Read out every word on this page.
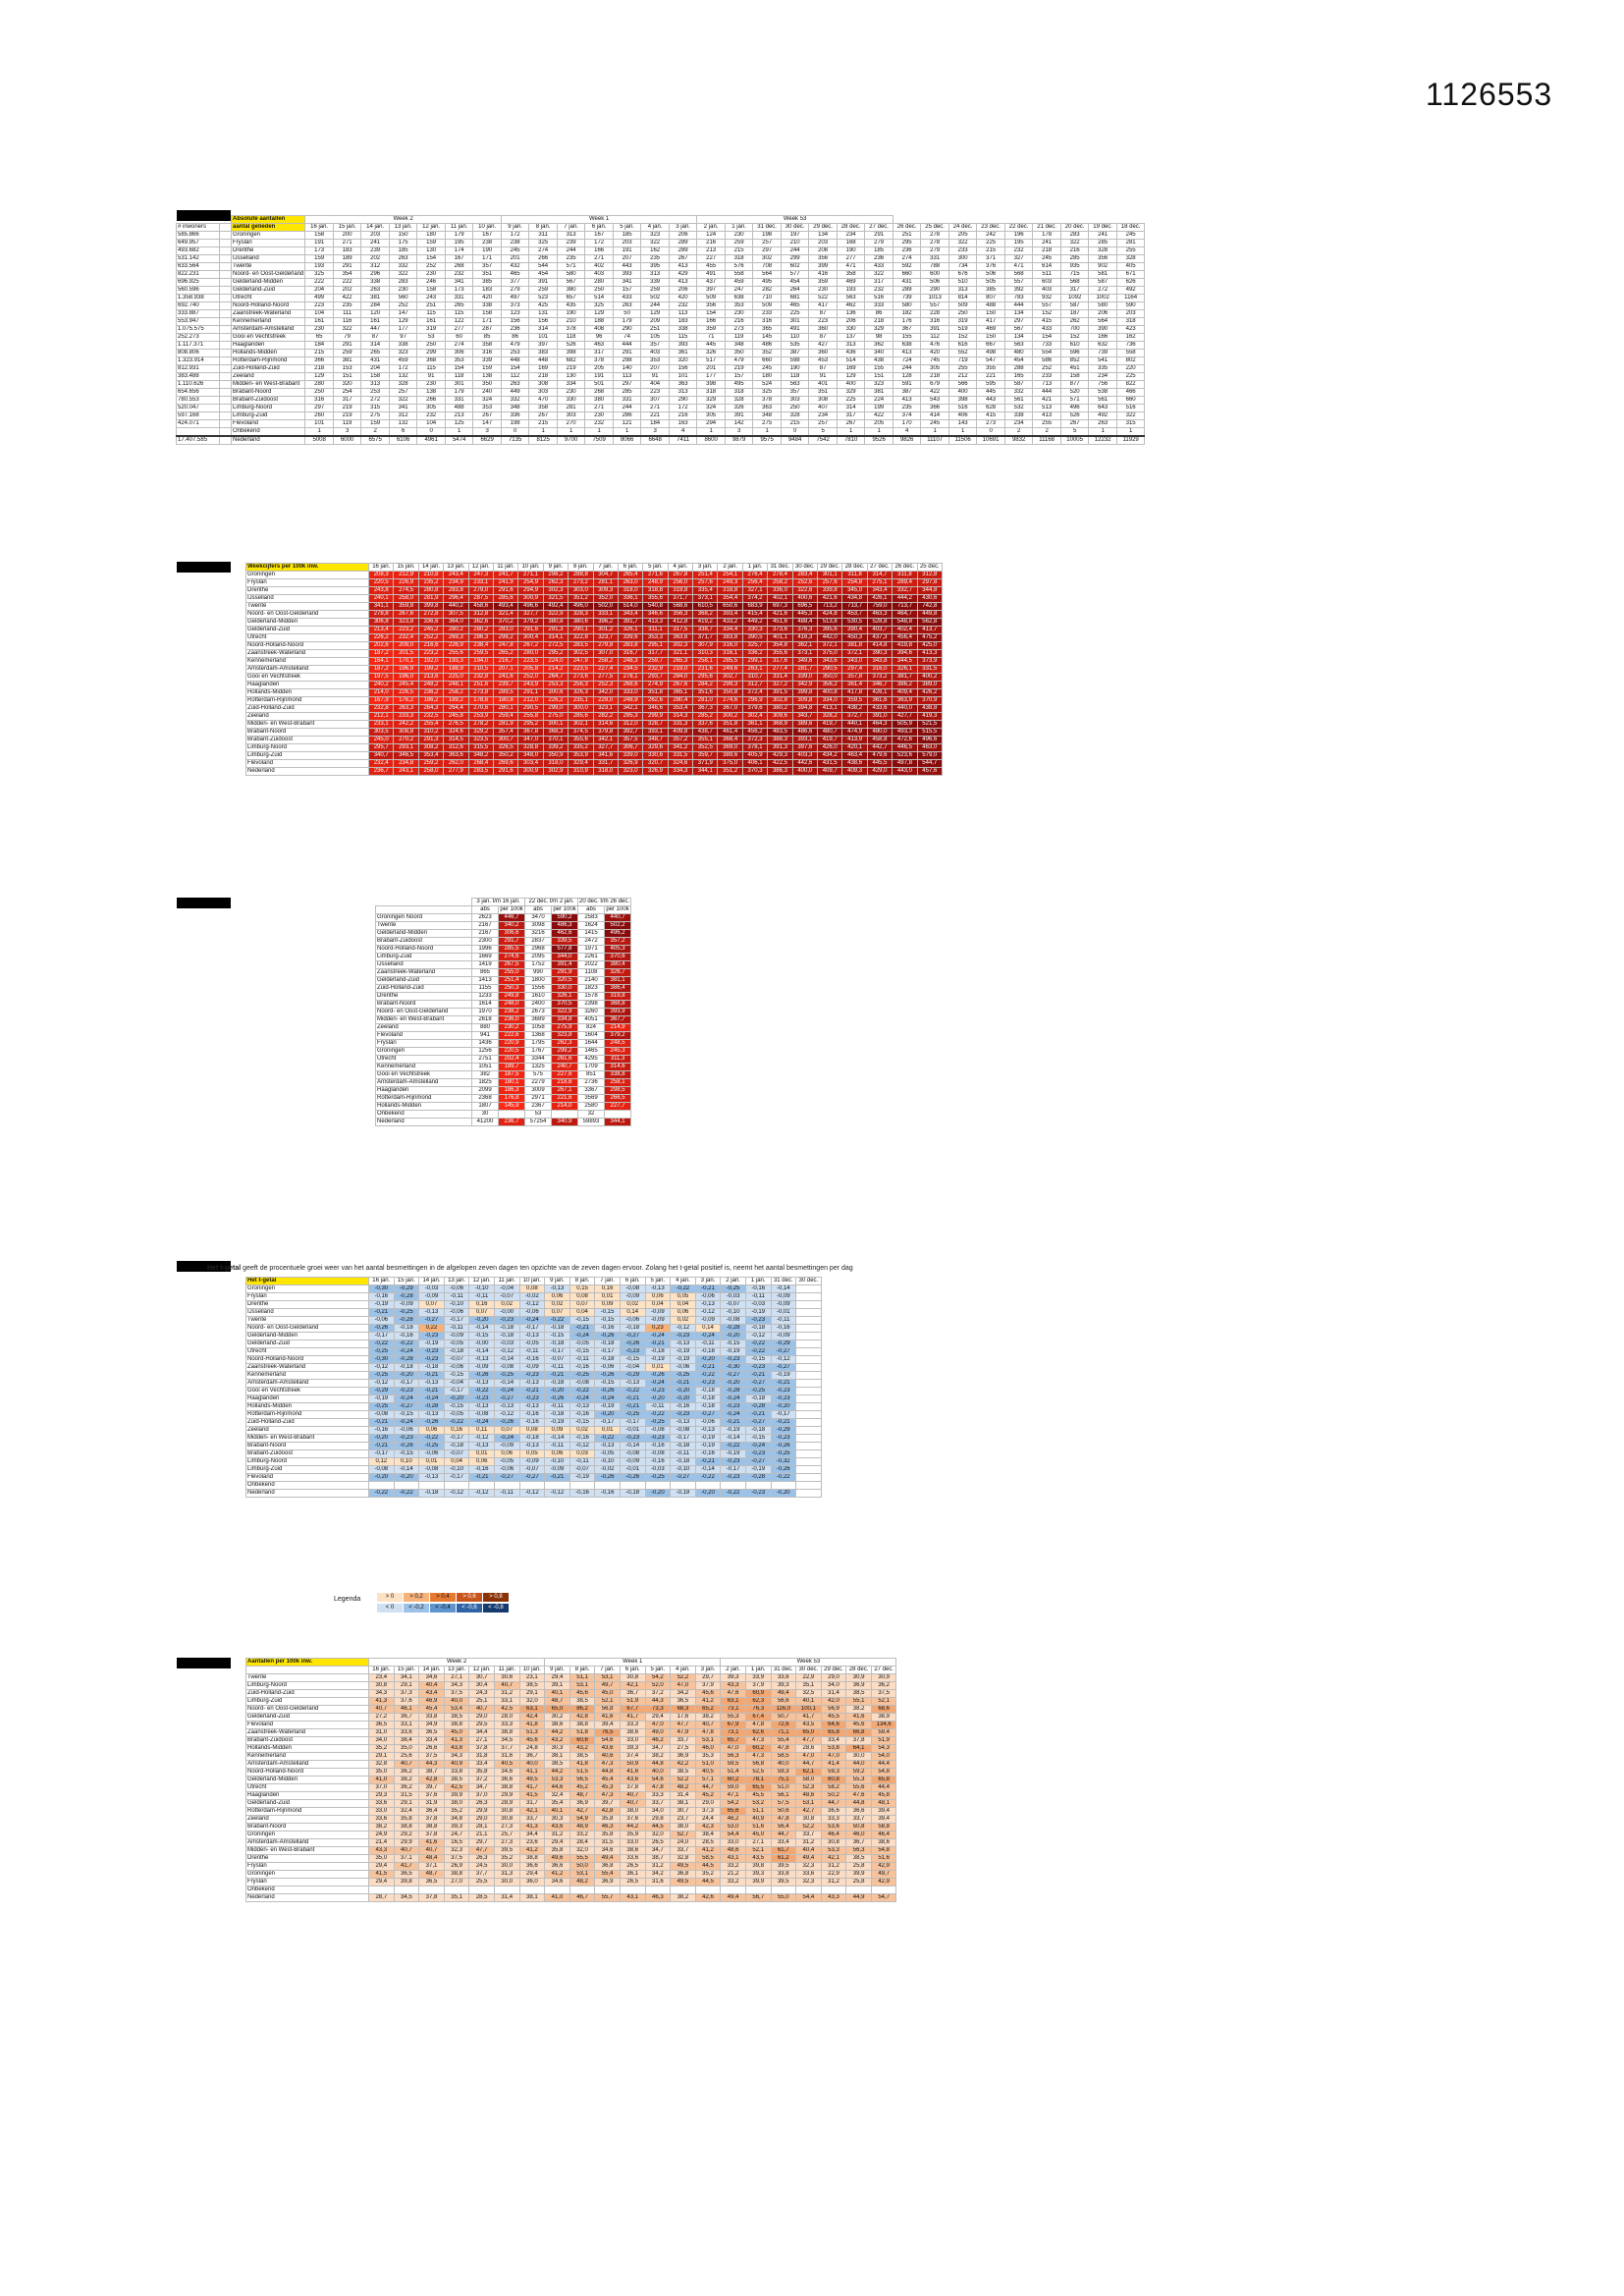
1126553
		Absolute aantallen	Week 2							Week 1							Week 53															
# inwoners		aantal gelieden	16 jan.	15 jan.	14 jan.	13 jan.	12 jan.	11 jan.	10 jan.	9 jan.	8 jan.	7 jan.	6 jan.	5 jan.	4 jan.	3 jan.	2 jan.	1 jan.	31 dec.	30 dec.	29 dec.	28 dec.	27 dec.	26 dec.	25 dec.	24 dec.	23 dec.	22 dec.	21 dec.	20 dec.	19 dec.	18 dec.
585.866		Groningen	158	200	203	150	180	179	167	172	311	313	167	185	323	206	124	230	198	197	134	234	291	251	278	205	242	196	178	283	241	245
649.957		Fryslân	191	271	241	175	159	195	238	238	325	239	172	203	322	289	216	259	257	210	203	168	279	295	278	322	225	195	241	322	285	281
493.682		Drenthe	173	183	239	185	130	174	190	245	274	244	166	191	162	289	213	215	297	244	208	190	185	236	279	233	215	232	218	216	328	255
531.142		IJsselland	159	189	202	263	154	167	171	201	266	235	271	207	235	267	227	318	302	299	356	277	236	274	331	300	371	327	245	285	356	328
633.564		Twente	193	291	312	332	252	268	357	432	544	571	402	443	395	413	455	576	708	602	399	471	433	592	788	734	376	471	614	935	902	405
822.231		Noord- en Oost-Gelderland	325	354	296	322	230	232	351	465	454	580	403	393	313	429	491	558	564	577	416	358	322	660	600	676	506	568	511	715	581	671
696.925		Gelderland-Midden	222	222	338	283	246	341	385	377	391	567	280	341	339	413	437	459	495	454	359	469	317	431	506	510	505	557	603	568	587	626
560.596		Gelderland-Zuid	204	202	263	230	158	173	183	279	259	380	250	157	259	206	397	247	282	264	230	193	232	289	290	313	385	392	403	317	272	492
1.358.938		Utrecht	499	422	381	560	243	331	420	497	523	657	514	433	502	420	509	638	710	681	522	563	516	739	1013	814	807	783	932	1092	1002	1164
692.740		Noord-Holland-Noord	223	235	284	252	251	265	338	373	425	435	325	263	244	232	356	353	509	465	417	462	333	580	557	509	488	444	557	587	580	590
333.887		Zaanstreek-Waterland	104	111	120	147	115	115	158	123	131	190	129	50	129	113	154	230	233	225	87	136	86	182	228	250	150	134	152	187	206	203
553.947		Kennemerland	161	116	161	129	161	122	171	156	156	210	188	179	209	183	166	216	316	301	223	206	218	176	316	319	417	297	415	262	564	318
1.075.575		Amsterdam-Amstelland	230	322	447	177	319	277	287	236	314	378	408	290	251	338	359	273	365	491	360	330	329	367	391	519	469	567	433	700	390	423
252.273		Gooi en Vechtstreek	65	79	87	97	53	60	85	86	101	118	96	74	105	115	71	119	145	110	87	137	98	155	112	152	150	134	154	152	166	162
1.117.371		Haaglanden	184	291	314	338	250	274	358	479	397	526	463	444	357	393	445	348	486	535	427	313	362	638	476	616	667	563	733	610	632	736
808.806		Hollands-Midden	215	259	265	323	299	306	316	253	383	398	317	291	403	361	326	350	352	387	360	436	340	413	420	552	498	480	554	596	739	558
1.323.914		Rotterdam-Rijnmond	366	381	431	459	368	353	339	448	448	682	378	298	353	320	517	479	660	598	453	514	438	724	745	719	547	454	586	852	541	802
812.931		Zuid-Holland-Zuid	218	153	204	172	115	154	159	154	169	219	205	140	207	156	201	219	245	190	87	169	155	244	305	255	355	288	252	451	335	220
383.488		Zeeland	129	151	158	132	91	118	138	112	218	130	191	113	91	101	177	157	180	118	91	129	151	128	218	212	221	165	233	158	234	225
1.110.626		Midden- en West-Brabant	280	320	313	328	230	301	350	263	308	334	501	297	404	363	398	495	524	563	401	400	323	591	679	566	595	587	713	877	756	822
654.656		Brabant-Noord	250	254	253	257	138	179	240	449	303	230	268	285	223	313	318	318	325	357	351	329	381	387	422	400	445	332	444	520	538	466
780.553		Brabant-Zuidoost	316	317	272	322	266	331	324	332	470	330	380	331	307	290	329	328	378	303	308	225	224	413	543	398	443	561	421	571	561	660
520.047		Limburg-Noord	297	219	315	341	305	488	353	348	358	281	271	244	271	172	324	326	363	250	407	314	199	235	366	516	628	532	513	496	643	516
597.168		Limburg-Zuid	260	219	275	312	232	213	267	336	267	303	230	286	221	216	305	391	348	328	234	317	422	374	414	406	415	338	413	526	492	322
424.071		Flevoland	101	119	159	132	104	125	147	198	215	270	232	121	184	163	294	142	275	215	257	267	205	170	245	143	273	234	255	267	263	315
		Onbekend	1	3	2	6	0	1	3	0	1	1	1	1	3	4	1	3	1	0	5	1	1	4	1	1	0	2	2	5	1	1
17.407.585		Nederland	5008	6000	6575	6106	4961	5474	6629	7135	8125	9700	7509	8066	6648	7411	8600	9879	9575	9484	7542	7810	9526	9826	11107	11506	10691	9832	11168	10005	12232	11929
Weekcijfers per 100k inw.	16 jan.	15 jan.	14 jan.	13 jan.	12 jan.	11 jan.	10 jan.	9 jan.	8 jan.	7 jan.	6 jan.	5 jan.	4 jan.	3 jan.	2 jan.	1 jan.	31 dec.	30 dec.	29 dec.	28 dec.	27 dec.	26 dec.	25 dec.
Groningen	208,3	212,9	210,8	243,4	247,3	241,7	271,1	298,2	288,8	304,7	265,4	271,6	267,8	251,4	254,1	276,4	278,4	283,4	301,1	311,8	314,7	311,8	312,8
Fryslân	220,5	226,9	235,2	234,9	233,1	241,9	254,9	262,3	273,2	281,1	263,0	248,9	256,0	257,6	249,3	256,4	258,2	252,6	257,6	254,8	275,1	289,4	297,8
Drenthe	243,8	274,5	280,8	283,8	279,0	291,6	294,9	302,3	303,0	309,3	318,0	318,8	319,8	335,4	318,8	327,1	336,0	322,6	339,8	345,0	343,4	332,7	344,8
IJsselland	240,1	258,0	281,9	296,4	287,5	285,6	300,9	321,5	351,2	352,0	336,1	355,6	371,7	373,1	354,4	374,2	402,1	400,6	421,6	434,8	426,1	444,2	430,6
Twente	341,1	359,8	399,8	440,2	458,6	493,4	496,6	492,4	496,0	502,0	514,0	540,8	568,6	610,5	650,6	683,9	697,3	696,5	713,2	713,7	759,0	713,7	742,8
Noord- en Oost-Gelderland	278,8	267,6	272,8	307,5	312,8	321,4	327,7	322,9	328,3	333,1	343,4	346,6	356,3	368,2	393,4	415,4	421,6	445,3	424,8	453,7	463,3	464,7	449,8
Gelderland-Midden	306,8	323,8	336,6	364,0	362,6	370,2	379,2	380,8	380,6	396,2	391,7	413,3	412,8	419,2	433,2	449,2	451,6	488,4	513,8	530,5	528,8	548,8	562,8
Gelderland-Zuid	213,4	223,2	245,2	280,2	280,2	283,0	291,6	291,3	290,1	301,2	326,1	311,1	317,5	338,7	334,4	330,3	373,6	376,3	395,6	390,4	403,7	402,4	413,7
Utrecht	226,2	232,4	252,2	269,3	286,3	298,2	300,4	314,1	322,8	323,7	339,6	353,3	363,6	371,7	383,8	390,5	401,1	416,3	442,0	450,3	437,3	456,4	475,2
Noord-Holland-Noord	202,6	209,0	216,6	226,9	238,4	247,8	267,2	272,5	283,5	279,8	283,8	295,1	302,3	307,9	316,0	325,7	354,8	362,1	372,1	381,8	414,8	419,8	425,0
Zaanstreek-Waterland	187,2	201,5	223,2	255,6	259,5	265,2	280,0	295,2	302,5	307,0	316,7	317,7	321,1	310,3	316,1	336,2	355,6	373,1	375,0	372,1	390,3	394,6	413,3
Kennemerland	164,1	170,1	192,0	193,3	194,0	216,7	223,5	224,0	247,9	258,2	248,3	259,7	265,3	258,1	285,5	299,1	317,6	349,6	343,6	343,0	343,8	344,5	373,9
Amsterdam-Amstelland	187,2	196,9	199,2	188,9	210,5	207,1	205,8	214,2	223,5	227,4	234,5	232,9	219,0	231,6	249,6	263,1	277,4	281,7	290,5	297,4	316,0	326,1	331,5
Gooi en Vechtstreek	197,5	196,0	213,6	225,0	232,8	241,6	252,0	264,7	273,6	277,5	278,1	293,7	284,0	295,6	302,7	310,7	331,4	339,0	350,0	357,8	373,2	381,7	400,2
Haaglanden	240,2	245,4	248,2	248,1	251,6	239,7	243,9	253,3	256,3	252,3	268,6	274,9	267,6	284,2	299,3	312,7	327,2	342,9	356,2	361,4	346,7	386,2	389,0
Hollands-Midden	214,0	226,5	236,2	258,2	273,8	289,5	291,1	300,6	326,3	342,0	333,0	351,8	365,1	351,6	350,8	372,4	391,5	399,8	400,8	417,8	426,1	409,4	426,2
Rotterdam-Rijnmond	167,9	176,2	186,2	189,2	178,6	180,8	212,0	226,2	235,1	229,0	248,9	262,6	280,4	281,0	274,6	296,9	302,8	309,8	334,0	359,5	361,6	363,9	370,9
Zuid-Holland-Zuid	232,8	263,3	264,3	264,4	270,6	280,1	290,5	299,0	300,0	323,1	342,1	346,6	353,4	367,3	367,0	379,6	380,2	394,8	413,1	438,2	433,6	440,0	438,8
Zeeland	212,1	233,3	232,5	245,8	253,9	259,4	255,8	275,0	285,6	282,2	295,3	299,9	314,3	285,2	300,2	302,4	309,6	343,7	328,2	372,7	391,0	427,7	419,3
Midden- en West-Brabant	233,1	242,2	255,4	276,5	278,2	281,9	295,2	300,1	302,1	314,6	312,0	328,7	331,3	337,6	351,8	361,1	368,9	389,6	419,7	440,1	464,3	505,9	521,5
Brabant-Noord	303,5	308,8	310,2	324,6	329,2	357,4	367,8	368,3	374,5	379,8	392,7	393,1	409,8	438,7	461,4	456,2	483,5	486,6	480,7	474,9	480,0	493,3	515,5
Brabant-Zuidoost	245,0	270,2	291,3	314,5	323,5	300,7	347,0	370,1	355,6	342,1	357,5	348,7	357,2	355,1	368,4	372,3	388,3	393,1	419,7	413,9	458,8	472,6	496,6
Limburg-Noord	295,7	293,1	308,2	312,6	315,5	326,5	328,8	339,2	335,2	327,7	306,7	329,6	341,2	352,5	369,0	378,1	391,3	397,6	426,0	420,1	442,7	446,5	463,0
Limburg-Zuid	340,7	346,5	353,4	363,6	348,2	350,2	348,0	350,9	353,9	341,6	339,0	330,6	331,5	359,7	389,6	405,9	429,3	403,3	434,2	463,4	479,6	523,6	579,0
Flevoland	232,4	234,8	259,2	262,0	268,4	269,6	303,4	318,0	329,4	331,7	326,9	320,7	324,6	371,9	375,0	406,1	422,5	442,6	431,5	438,6	445,5	497,8	544,7
Nederland	236,7	243,1	258,0	277,9	283,5	291,6	300,9	302,9	310,9	318,0	323,0	326,9	334,3	344,1	351,2	370,3	386,3	400,0	409,7	409,3	429,0	443,0	457,6
	3 jan. t/m 16 jan.		22 dec. t/m 2 jan.		20 dec. t/m 26 dec.	
	abs	per 100k	abs	per 100k	abs	per 100k
Groningen Noord	2623	446,7	3470	590,2	2583	440,7
Twente	2167	340,2	3098	486,3	1624	502,2
Gelderland-Midden	2167	306,6	3216	462,6	1415	496,2
Brabant-Zuidoost	2300	291,7	2837	339,5	2472	357,2
Noord-Holland-Noord	1996	285,5	2968	577,8	1971	405,3
Limburg-Zuid	1669	274,6	2095	344,0	2261	370,6
IJsselland	1419	267,5	1752	391,4	2022	380,4
Zaanstreek-Waterland	865	255,0	990	291,9	1108	326,7
Gelderland-Zuid	1413	251,4	1800	320,5	2140	381,1
Zuid-Holland-Zuid	1155	250,3	1556	330,0	1823	386,4
Drenthe	1233	249,8	1610	326,1	1578	319,8
Brabant-Noord	1614	248,0	2400	370,5	2398	368,8
Noord- en Oost-Gelderland	1970	238,2	2673	322,9	3260	393,9
Midden- en West-Brabant	2618	236,0	3689	334,8	4051	367,7
Zeeland	880	230,2	1058	275,9	824	214,9
Flevoland	941	222,6	1368	323,8	1604	379,2
Fryslân	1436	220,9	1795	262,3	1644	248,5
Groningen	1256	220,5	1767	299,2	1465	245,3
Utrecht	2751	202,4	3344	261,6	4295	311,3
Kennemerland	1051	189,7	1325	240,7	1709	314,6
Gooi en Vechtstreek	382	187,5	575	227,6	851	338,8
Amsterdam-Amstelland	1825	180,1	2279	218,6	2736	258,1
Haaglanden	2099	186,3	3009	267,1	3367	298,5
Rotterdam-Rijnmond	2368	176,8	2971	221,6	3569	266,5
Hollands-Midden	1807	145,9	2367	214,0	2580	227,7
Onbekend	30		53		32	
Nederland	41200	236,7	57254	340,9	59893	344,1
Het t-getal geeft de procentuele groei weer van het aantal besmettingen in de afgelopen zeven dagen ten opzichte van de zeven dagen ervoor. Zolang het t-getal positief is, neemt het aantal besmettingen per dag
Het t-getal	16 jan.	15 jan.	14 jan.	13 jan.	12 jan.	11 jan.	10 jan.	9 jan.	8 jan.	7 jan.	6 jan.	5 jan.	4 jan.	3 jan.	2 jan.	1 jan.	31 dec.	30 dec.
Groningen	-0,30	-0,29	-0,03	-0,06	-0,10	-0,04	0,08	-0,13	0,15	0,16	-0,08	-0,13	-0,22	-0,21	-0,25	-0,16	-0,14	
Fryslân	-0,16	-0,28	-0,09	-0,11	-0,11	-0,07	-0,02	0,06	0,08	0,01	-0,09	0,06	0,05	-0,06	-0,03	-0,11	-0,09	
Drenthe	-0,19	-0,09	0,07	-0,10	0,16	0,02	-0,12	0,02	0,07	0,09	0,02	0,04	0,04	-0,13	-0,07	-0,03	-0,09	
IJsselland	-0,21	-0,25	-0,13	-0,06	0,07	-0,00	-0,06	0,07	0,04	-0,15	0,14	-0,09	0,06	-0,12	-0,10	-0,19	-0,01	
Twente	-0,06	-0,28	-0,27	-0,17	-0,20	-0,23	-0,24	-0,22	-0,15	-0,15	-0,06	-0,09	0,02	-0,09	-0,08	-0,23	-0,11	
Noord- en Oost-Gelderland	-0,26	-0,18	0,22	-0,11	-0,14	-0,18	-0,17	-0,18	-0,21	-0,16	-0,18	0,23	-0,12	0,14	-0,28	-0,18	-0,16	
Gelderland-Midden	-0,17	-0,16	-0,23	-0,09	-0,15	-0,18	-0,13	-0,15	-0,24	-0,26	-0,27	-0,24	-0,23	-0,24	-0,20	-0,12	-0,09	
Gelderland-Zuid	-0,22	-0,22	-0,19	-0,05	-0,00	-0,03	-0,05	-0,18	-0,05	-0,18	-0,26	-0,21	-0,13	-0,11	-0,15	-0,22	-0,29	
Utrecht	-0,25	-0,24	-0,23	-0,18	-0,14	-0,12	-0,11	-0,17	-0,15	-0,17	-0,23	-0,18	-0,19	-0,18	-0,19	-0,22	-0,27	
Noord-Holland-Noord	-0,30	-0,28	-0,23	-0,07	-0,13	-0,14	-0,16	-0,07	-0,11	-0,18	-0,15	-0,19	-0,19	-0,20	-0,23	-0,15	-0,12	
Zaanstreek-Waterland	-0,12	-0,18	-0,18	-0,06	-0,09	-0,08	-0,09	-0,11	-0,16	-0,06	-0,04	0,01	-0,06	-0,21	-0,30	-0,23	-0,27	
Kennemerland	-0,25	-0,20	-0,21	-0,15	-0,26	-0,25	-0,23	-0,21	-0,25	-0,26	-0,29	-0,26	-0,25	-0,22	-0,27	-0,21	-0,19	
Amsterdam-Amstelland	-0,12	-0,17	-0,13	-0,04	-0,13	-0,14	-0,13	-0,18	-0,08	-0,15	-0,13	-0,24	-0,21	-0,23	-0,20	-0,27	-0,21	
Gooi en Vechtstreek	-0,29	-0,23	-0,21	-0,17	-0,22	-0,24	-0,21	-0,20	-0,22	-0,26	-0,22	-0,23	-0,20	-0,18	-0,28	-0,25	-0,23	
Haaglanden	-0,19	-0,24	-0,24	-0,20	-0,23	-0,27	-0,23	-0,26	-0,24	-0,24	-0,21	-0,20	-0,20	-0,18	-0,24	-0,18	-0,23	
Hollands-Midden	-0,25	-0,27	-0,28	-0,15	-0,13	-0,13	-0,13	-0,11	-0,13	-0,19	-0,21	-0,11	-0,16	-0,18	-0,23	-0,28	-0,20	
Rotterdam-Rijnmond	-0,08	-0,15	-0,13	-0,05	-0,08	-0,12	-0,16	-0,18	-0,16	-0,20	-0,25	-0,22	-0,23	-0,27	-0,24	-0,21	-0,17	
Zuid-Holland-Zuid	-0,21	-0,24	-0,26	-0,22	-0,24	-0,26	-0,16	-0,19	-0,15	-0,17	-0,17	-0,25	-0,13	-0,06	-0,21	-0,27	-0,21	
Zeeland	-0,16	-0,06	0,06	0,16	0,11	0,07	0,08	0,09	0,02	0,01	-0,01	-0,08	-0,08	-0,13	-0,19	-0,18	-0,29	
Midden- en West-Brabant	-0,20	-0,23	-0,22	-0,17	-0,12	-0,24	-0,18	-0,14	-0,16	-0,22	-0,23	-0,23	-0,17	-0,19	-0,14	-0,15	-0,23	
Brabant-Noord	-0,21	-0,26	-0,25	-0,18	-0,13	-0,09	-0,13	-0,11	-0,12	-0,13	-0,14	-0,16	-0,18	-0,19	-0,22	-0,24	-0,26	
Brabant-Zuidoost	-0,17	-0,15	-0,06	-0,07	0,01	0,06	0,05	0,06	0,03	-0,05	-0,08	-0,08	-0,11	-0,16	-0,19	-0,23	-0,25	
Limburg-Noord	0,12	0,10	0,01	0,04	0,06	-0,05	-0,09	-0,10	-0,11	-0,10	-0,09	-0,16	-0,18	-0,21	-0,23	-0,27	-0,32	
Limburg-Zuid	-0,08	-0,14	-0,08	-0,10	-0,16	-0,06	-0,07	-0,09	-0,07	-0,02	-0,01	-0,03	-0,10	-0,14	-0,17	-0,19	-0,26	
Flevoland	-0,20	-0,20	-0,13	-0,17	-0,21	-0,27	-0,27	-0,21	-0,19	-0,26	-0,26	-0,25	-0,27	-0,22	-0,23	-0,28	-0,22	
Onbekend																		
Nederland	-0,22	-0,22	-0,18	-0,12	-0,12	-0,11	-0,12	-0,12	-0,16	-0,16	-0,18	-0,20	-0,19	-0,20	-0,22	-0,23	-0,20	
Legenda	> 0	> 0,2 > 0,4 > 0,6 > 0,8
< 0 < -0,2 < -0,4 < -0,6 < -0,8
Aantallen per 100k inw.	Week 2							Week 1							Week 53						
	16 jan.	15 jan.	14 jan.	13 jan.	12 jan.	11 jan.	10 jan.	9 jan.	8 jan.	7 jan.	6 jan.	5 jan.	4 jan.	3 jan.	2 jan.	1 jan.	31 dec.	30 dec.	29 dec.	28 dec.	27 dec.
Twente	23,4	34,1	34,6	27,1	30,7	30,6	23,1	29,4	51,1	53,1	30,8	54,2	52,2	29,7	39,3	33,9	33,6	22,9	29,0	30,9	30,9
Limburg-Noord	30,8	29,1	40,4	34,3	30,4	40,7	38,5	39,1	53,1	49,7	42,1	52,0	47,0	37,9	43,3	37,9	39,3	35,1	34,0	36,9	36,2
Zuid-Holland-Zuid	34,3	37,3	43,4	37,5	24,3	31,2	29,1	40,1	45,6	45,0	36,7	37,2	34,2	45,6	47,6	60,9	49,4	32,5	31,4	38,5	37,5
Limburg-Zuid	41,3	37,6	46,9	40,0	25,1	33,1	32,0	48,7	38,5	52,1	51,9	44,3	36,5	41,2	63,1	62,3	56,6	40,1	42,0	55,1	52,1
Noord- en Oost-Gelderland	40,7	46,1	45,4	53,4	40,7	42,5	63,1	65,0	86,2	56,8	67,7	73,3	68,3	65,2	73,1	76,3	116,0	100,1	56,9	38,2	68,6
Gelderland-Zuid	27,2	36,7	33,8	38,5	29,0	28,0	42,4	30,2	42,8	41,6	41,7	29,4	17,6	38,2	55,3	67,4	50,7	41,7	45,5	41,6	38,9
Flevoland	36,5	33,1	34,9	38,8	29,5	33,3	41,8	38,6	38,8	39,4	33,3	47,0	47,7	40,7	67,9	47,8	72,6	43,5	64,6	45,6	134,6
Zaanstreek-Waterland	31,0	33,6	36,5	45,0	34,4	38,8	51,3	44,2	51,8	76,5	38,6	49,0	47,9	47,8	73,1	62,6	71,1	65,0	65,8	66,8	59,4
Brabant-Zuidoost	34,0	38,4	33,4	41,3	27,1	34,5	45,6	43,2	60,6	54,6	33,0	46,2	33,7	53,1	65,7	47,3	55,4	47,7	33,4	37,8	51,9
Hollands-Midden	35,2	35,0	26,6	43,8	37,8	37,7	24,8	30,3	43,2	43,6	39,3	34,7	27,5	46,0	47,0	60,2	47,8	28,6	53,8	64,1	54,3
Kennemerland	29,1	25,6	37,5	34,3	31,8	31,6	36,7	38,1	38,5	40,6	37,4	38,2	36,9	35,3	56,3	47,3	58,5	47,0	47,0	30,0	54,0
Amsterdam-Amstelland	32,8	40,7	44,3	40,9	33,4	40,5	40,0	38,5	41,8	47,3	50,9	44,8	42,2	51,0	59,5	56,8	40,0	44,7	41,4	44,0	44,4
Noord-Holland-Noord	35,0	36,2	38,7	33,8	35,8	34,6	41,1	44,2	51,5	44,8	41,6	40,0	38,5	40,5	51,4	52,5	59,3	62,1	59,3	59,2	54,8
Gelderland-Midden	41,0	38,2	42,8	38,5	37,2	36,6	49,5	53,3	56,5	45,4	43,6	54,6	52,2	57,1	60,2	78,1	75,1	58,0	60,8	55,3	65,8
Utrecht	37,0	36,2	39,7	42,5	34,7	38,8	41,7	44,6	45,2	45,3	37,8	47,8	48,2	44,7	59,0	65,5	51,0	52,3	58,2	55,6	44,4
Haaglanden	29,3	31,5	37,6	39,9	37,0	29,9	41,5	32,4	48,7	47,3	40,7	33,3	31,4	45,2	47,1	45,5	56,1	48,6	50,2	47,6	45,8
Gelderland-Zuid	33,6	29,1	31,9	38,0	26,3	28,9	31,7	35,4	36,9	39,7	40,7	33,7	38,1	29,0	54,2	53,2	57,5	53,1	44,7	44,8	48,1
Rotterdam-Rijnmond	33,0	32,4	36,4	35,2	29,9	30,8	42,1	40,1	42,7	42,8	38,0	34,0	30,7	37,3	65,6	51,1	50,6	42,7	36,6	36,6	39,4
Zeeland	33,6	35,8	37,8	34,8	29,0	30,8	33,7	30,3	54,9	35,8	37,6	29,8	23,7	24,4	46,2	40,9	47,8	30,8	33,3	33,7	39,4
Brabant-Noord	38,2	38,8	38,8	39,3	28,1	27,3	41,3	43,6	48,9	46,3	44,2	44,5	38,0	42,3	53,0	51,6	56,4	52,2	53,6	50,8	58,8
Groningen	24,9	29,2	37,8	24,7	21,1	25,7	34,4	31,2	33,2	35,8	35,9	32,0	52,7	38,4	54,4	45,0	44,7	33,7	46,4	46,0	46,4
Amsterdam-Amstelland	21,4	29,9	41,6	16,5	29,7	27,3	23,6	29,4	28,4	31,5	33,0	26,5	24,0	28,5	33,0	27,1	33,4	31,2	30,8	36,7	38,6
Midden- en West-Brabant	43,3	40,7	40,7	32,3	47,7	39,5	41,2	35,8	32,0	34,6	38,6	34,7	33,7	41,2	48,6	52,1	61,7	40,4	53,3	56,3	54,8
Drenthe	35,0	37,1	48,4	37,5	26,3	35,2	38,8	49,6	55,5	49,4	33,6	38,7	32,8	58,5	43,1	43,5	61,2	49,4	42,1	38,5	51,6
Fryslân	29,4	41,7	37,1	26,9	24,5	30,0	36,6	36,6	50,0	36,8	26,5	31,2	49,5	44,5	33,2	39,8	39,5	32,3	31,2	25,8	42,9
Groningen	41,5	36,5	48,7	38,8	37,7	31,3	29,4	41,2	53,1	55,4	36,1	34,2	36,8	35,2	21,2	39,3	33,8	33,6	22,9	39,9	49,7
Fryslân	29,4	39,8	36,5	27,0	25,5	30,0	36,0	34,6	48,2	36,9	26,5	31,6	49,5	44,5	33,2	39,9	39,5	32,3	31,2	25,8	42,9
Onbekend																					
Nederland	28,7	34,5	37,8	35,1	28,5	31,4	38,1	41,0	46,7	55,7	43,1	46,3	38,2	42,6	49,4	56,7	55,0	54,4	43,3	44,9	54,7
